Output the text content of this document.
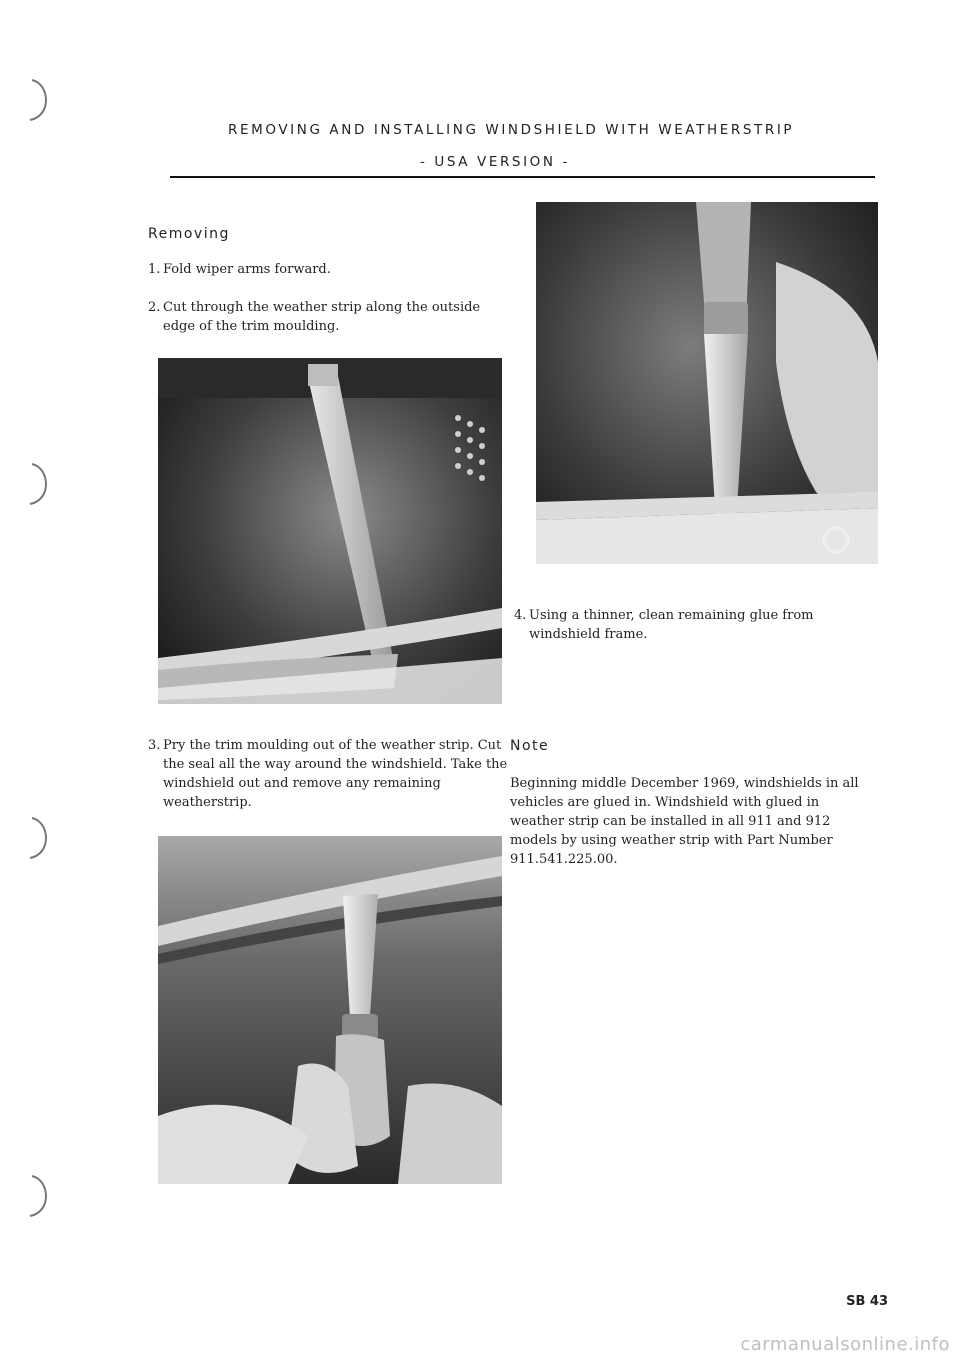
REMOVING AND INSTALLING WINDSHIELD WITH WEATHERSTRIP
- USA VERSION -
Removing
1. Fold wiper arms forward.
2. Cut through the weather strip along the outside edge of the trim moulding.
3. Pry the trim moulding out of the weather strip. Cut the seal all the way around the windshield. Take the windshield out and remove any remaining weatherstrip.
4. Using a thinner, clean remaining glue from windshield frame.
Note
Beginning middle December 1969, windshields in all vehicles are glued in. Windshield with glued in weather strip can be installed in all 911 and 912 models by using weather strip with Part Number 911.541.225.00.
SB 43
carmanualsonline.info
